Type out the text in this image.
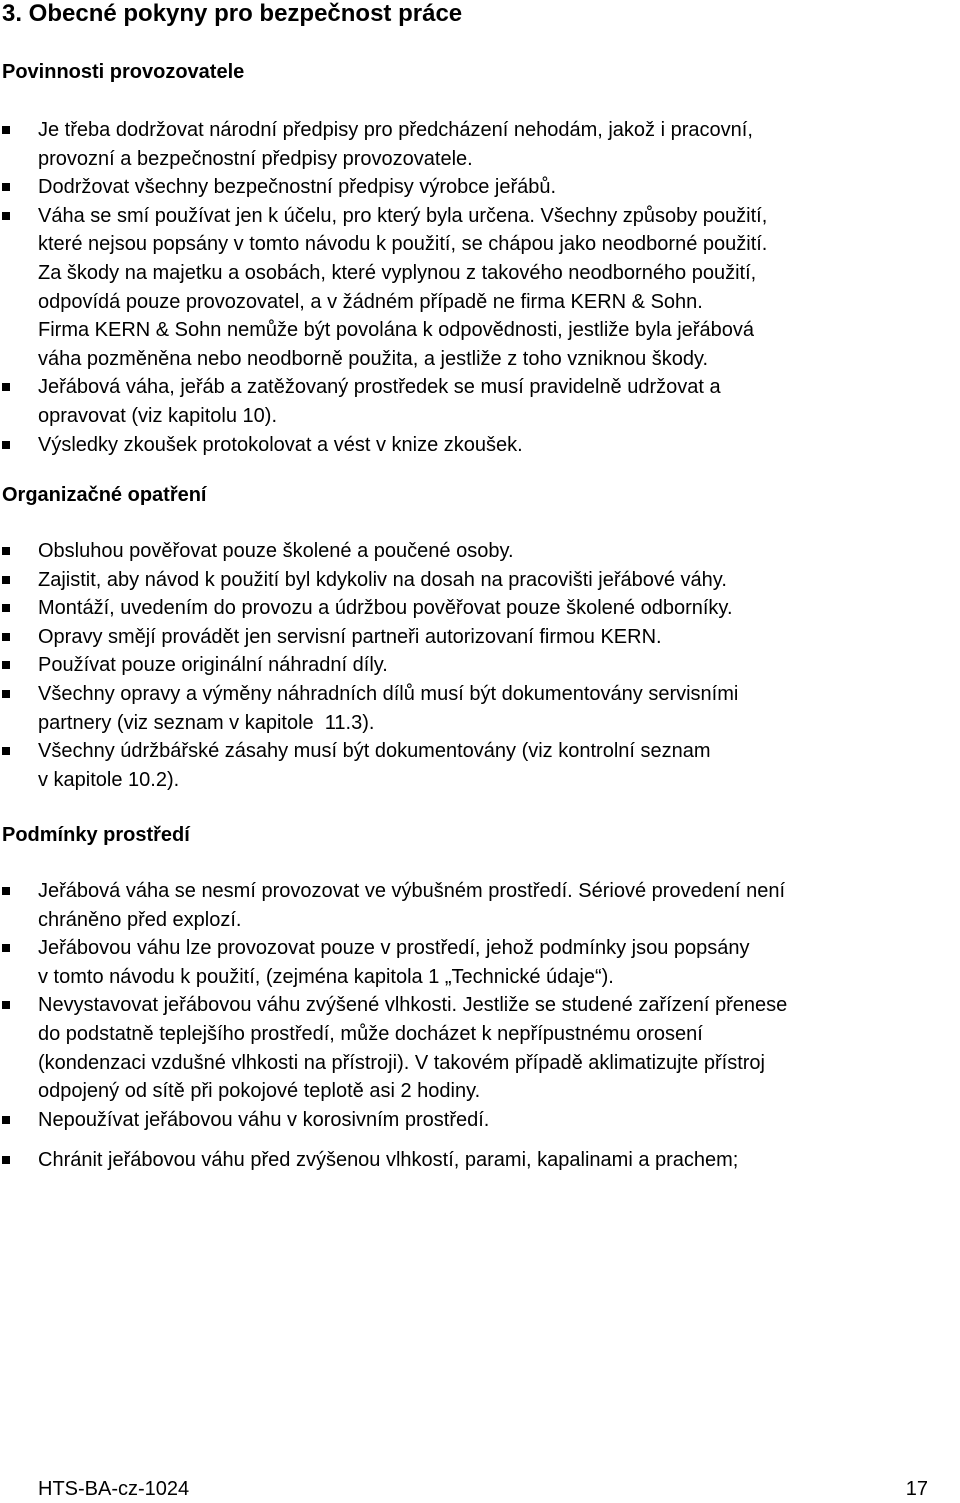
3. Obecné pokyny pro bezpečnost práce
Povinnosti provozovatele
Je třeba dodržovat národní předpisy pro předcházení nehodám, jakož i pracovní,
provozní a bezpečnostní předpisy provozovatele.
Dodržovat všechny bezpečnostní předpisy výrobce jeřábů.
Váha se smí používat jen k účelu, pro který byla určena. Všechny způsoby použití,
které nejsou popsány v tomto návodu k použití, se chápou jako neodborné použití.
Za škody na majetku a osobách, které vyplynou z takového neodborného použití,
odpovídá pouze provozovatel, a v žádném případě ne firma KERN & Sohn.
Firma KERN & Sohn nemůže být povolána k odpovědnosti, jestliže byla jeřábová
váha pozměněna nebo neodborně použita, a jestliže z toho vzniknou škody.
Jeřábová váha, jeřáb a zatěžovaný prostředek se musí pravidelně udržovat a
opravovat (viz kapitolu 10).
Výsledky zkoušek protokolovat a vést v knize zkoušek.
Organizačné opatření
Obsluhou pověřovat pouze školené a poučené osoby.
Zajistit, aby návod k použití byl kdykoliv na dosah na pracovišti jeřábové váhy.
Montáží, uvedením do provozu a údržbou pověřovat pouze školené odborníky.
Opravy smějí provádět jen servisní partneři autorizovaní firmou KERN.
Používat pouze originální náhradní díly.
Všechny opravy a výměny náhradních dílů musí být dokumentovány servisními
partnery (viz seznam v kapitole  11.3).
Všechny údržbářské zásahy musí být dokumentovány (viz kontrolní seznam
v kapitole 10.2).
Podmínky prostředí
Jeřábová váha se nesmí provozovat ve výbušném prostředí. Sériové provedení není
chráněno před explozí.
Jeřábovou váhu lze provozovat pouze v prostředí, jehož podmínky jsou popsány
v tomto návodu k použití, (zejména kapitola 1 „Technické údaje“).
Nevystavovat jeřábovou váhu zvýšené vlhkosti. Jestliže se studené zařízení přenese
do podstatně teplejšího prostředí, může docházet k nepřípustnému orosení
(kondenzaci vzdušné vlhkosti na přístroji). V takovém případě aklimatizujte přístroj
odpojený od sítě při pokojové teplotě asi 2 hodiny.
Nepoužívat jeřábovou váhu v korosivním prostředí.
Chránit jeřábovou váhu před zvýšenou vlhkostí, parami, kapalinami a prachem;
HTS-BA-cz-1024	17
